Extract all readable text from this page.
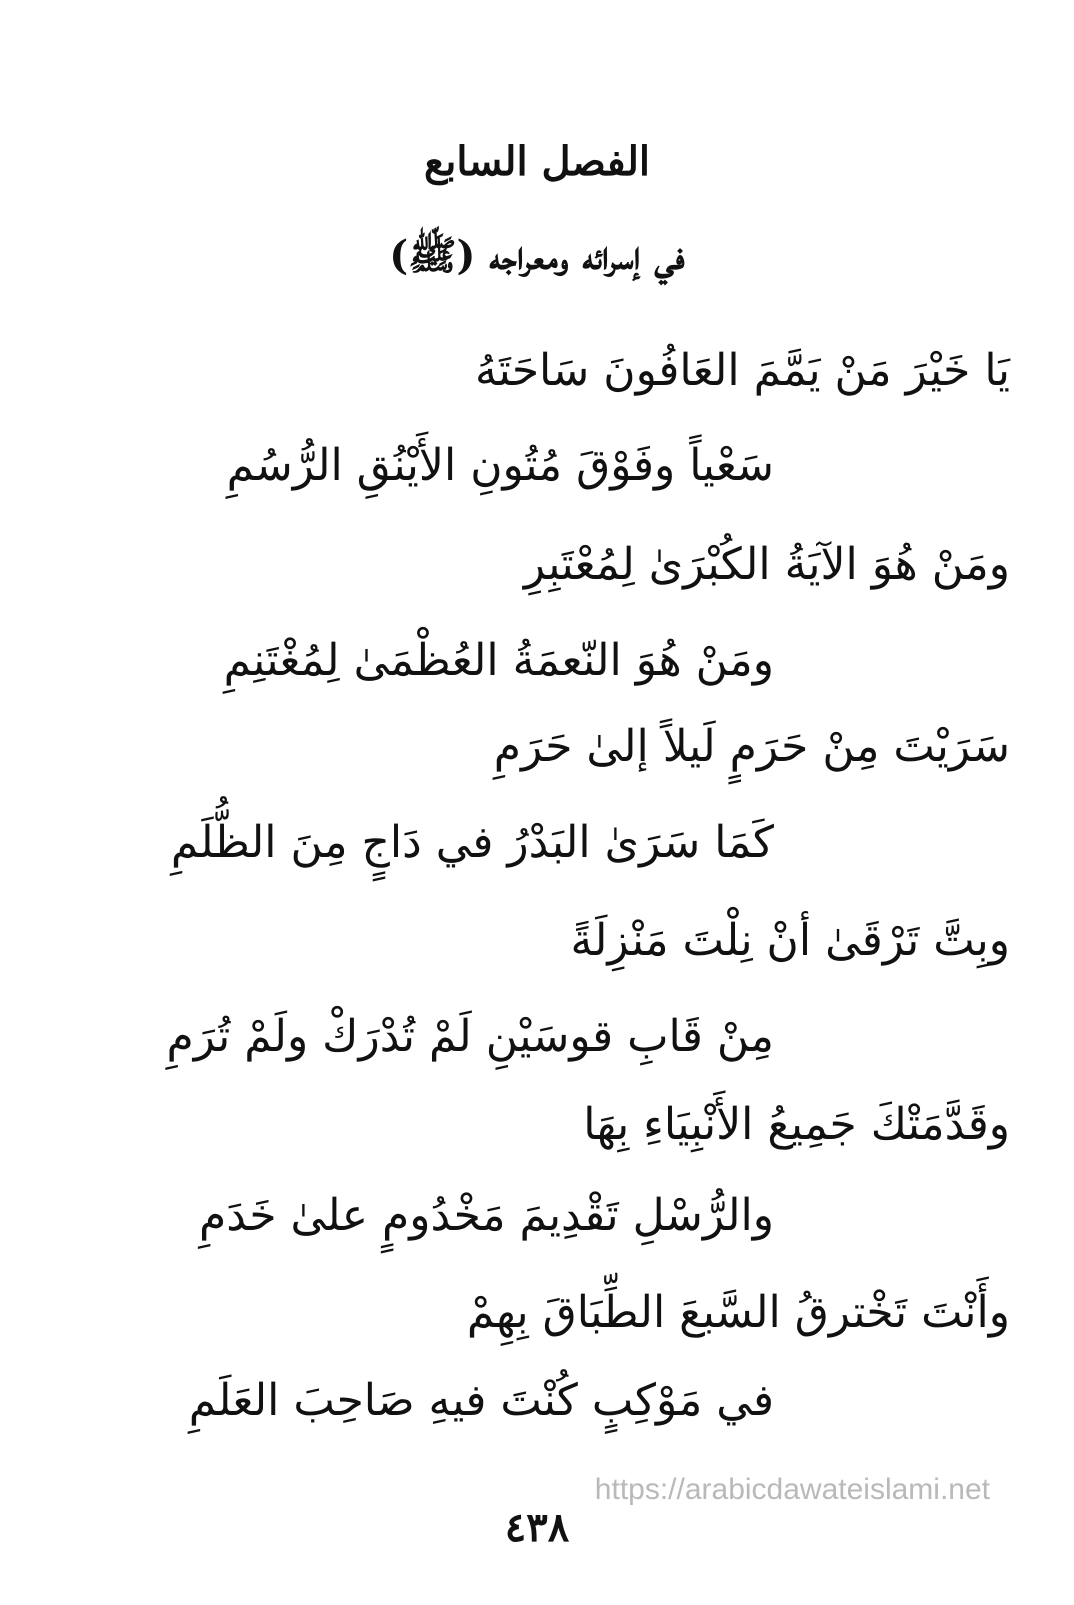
الفصل السابع
في إسرائه ومعراجه (ﷺ)
يَا خَيْرَ مَنْ يَمَّمَ العَافُونَ سَاحَتَهُ
سَعْياً وفَوْقَ مُتُونِ الأَيْنُقِ الرُّسُمِ
ومَنْ هُوَ الآيَةُ الكُبْرَىٰ لِمُعْتَبِرِ
ومَنْ هُوَ النّعمَةُ العُظْمَىٰ لِمُغْتَنِمِ
سَرَيْتَ مِنْ حَرَمٍ لَيلاً إلىٰ حَرَمِ
كَمَا سَرَىٰ البَدْرُ في دَاجٍ مِنَ الظُّلَمِ
وبِتَّ تَرْقَىٰ أنْ نِلْتَ مَنْزِلَةً
مِنْ قَابِ قوسَيْنِ لَمْ تُدْرَكْ ولَمْ تُرَمِ
وقَدَّمَتْكَ جَمِيعُ الأَنْبِيَاءِ بِهَا
والرُّسْلِ تَقْدِيمَ مَخْدُومٍ علىٰ خَدَمِ
وأَنْتَ تَخْترقُ السَّبعَ الطِّبَاقَ بِهِمْ
في مَوْكِبٍ كُنْتَ فيهِ صَاحِبَ العَلَمِ
https://arabicdawateislami.net
٤٣٨
